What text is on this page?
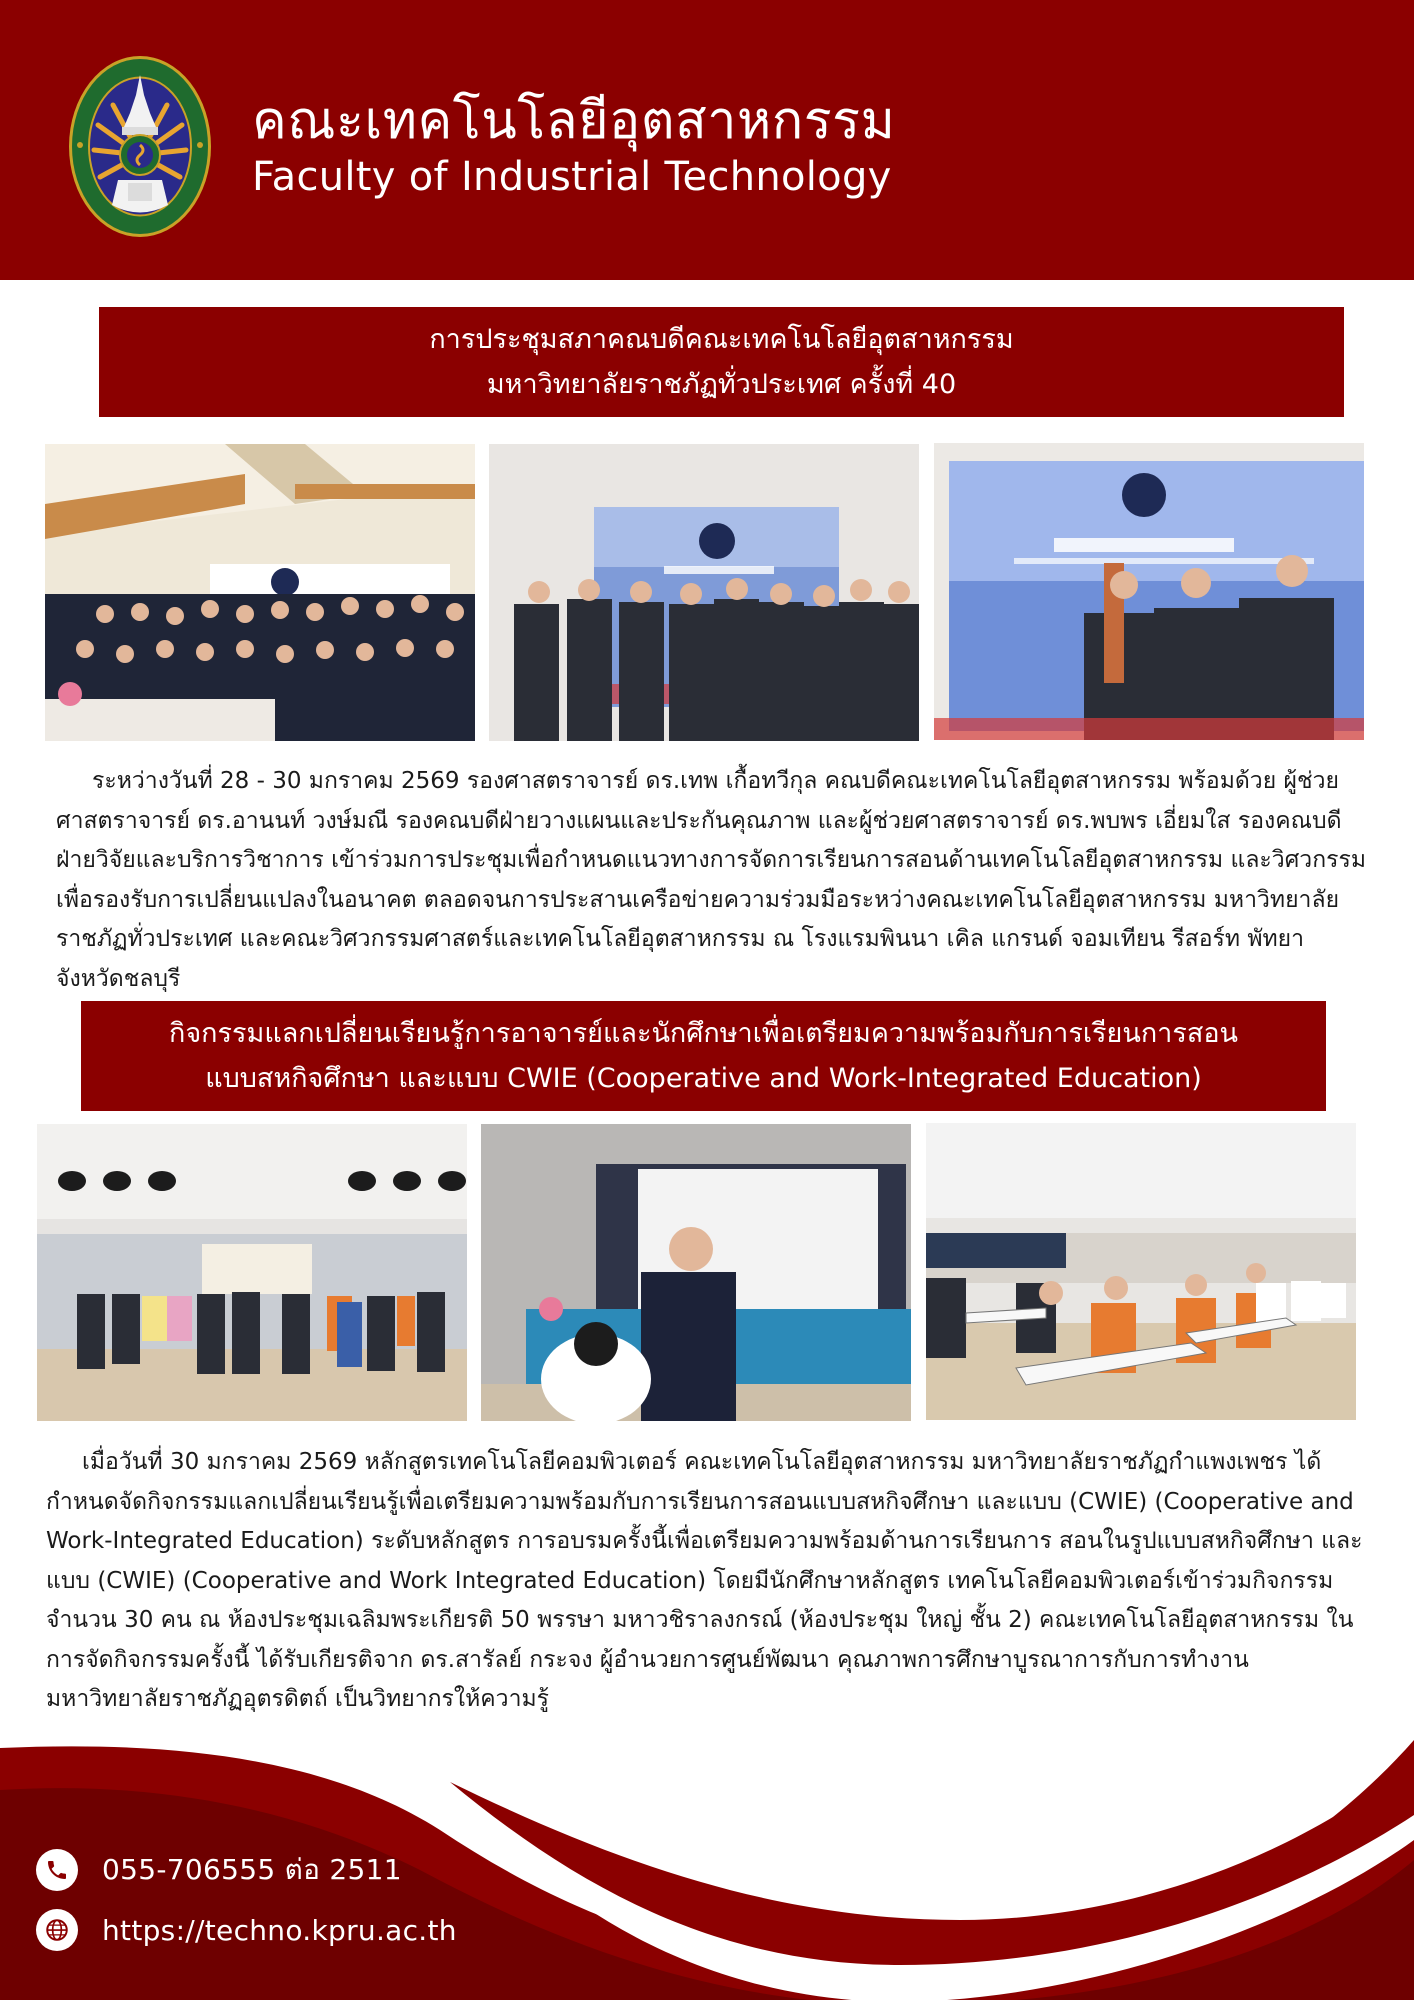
คณะเทคโนโลยีอุตสาหกรรม
Faculty of Industrial Technology
การประชุมสภาคณบดีคณะเทคโนโลยีอุตสาหกรรม
มหาวิทยาลัยราชภัฏทั่วประเทศ ครั้งที่ 40

ระหว่างวันที่ 28 - 30 มกราคม 2569 รองศาสตราจารย์ ดร.เทพ เกื้อทวีกุล คณบดีคณะเทคโนโลยีอุตสาหกรรม พร้อมด้วย ผู้ช่วยศาสตราจารย์ ดร.อานนท์ วงษ์มณี รองคณบดีฝ่ายวางแผนและประกันคุณภาพ และผู้ช่วยศาสตราจารย์ ดร.พบพร เอี่ยมใส รองคณบดีฝ่ายวิจัยและบริการวิชาการ เข้าร่วมการประชุมเพื่อกำหนดแนวทางการจัดการเรียนการสอนด้านเทคโนโลยีอุตสาหกรรม และวิศวกรรม เพื่อรองรับการเปลี่ยนแปลงในอนาคต ตลอดจนการประสานเครือข่ายความร่วมมือระหว่างคณะเทคโนโลยีอุตสาหกรรม มหาวิทยาลัยราชภัฏทั่วประเทศ และคณะวิศวกรรมศาสตร์และเทคโนโลยีอุตสาหกรรม ณ โรงแรมพินนา เคิล แกรนด์ จอมเทียน รีสอร์ท พัทยา จังหวัดชลบุรี

กิจกรรมแลกเปลี่ยนเรียนรู้การอาจารย์และนักศึกษาเพื่อเตรียมความพร้อมกับการเรียนการสอน
แบบสหกิจศึกษา และแบบ CWIE (Cooperative and Work-Integrated Education)

เมื่อวันที่ 30 มกราคม 2569 หลักสูตรเทคโนโลยีคอมพิวเตอร์ คณะเทคโนโลยีอุตสาหกรรม มหาวิทยาลัยราชภัฏกำแพงเพชร ได้กำหนดจัดกิจกรรมแลกเปลี่ยนเรียนรู้เพื่อเตรียมความพร้อมกับการเรียนการสอนแบบสหกิจศึกษา และแบบ (CWIE) (Cooperative and Work-Integrated Education) ระดับหลักสูตร การอบรมครั้งนี้เพื่อเตรียมความพร้อมด้านการเรียนการ สอนในรูปแบบสหกิจศึกษา และแบบ (CWIE) (Cooperative and Work Integrated Education) โดยมีนักศึกษาหลักสูตร เทคโนโลยีคอมพิวเตอร์เข้าร่วมกิจกรรม จำนวน 30 คน ณ ห้องประชุมเฉลิมพระเกียรติ 50 พรรษา มหาวชิราลงกรณ์ (ห้องประชุม ใหญ่ ชั้น 2) คณะเทคโนโลยีอุตสาหกรรม ในการจัดกิจกรรมครั้งนี้ ได้รับเกียรติจาก ดร.สารัลย์ กระจง ผู้อำนวยการศูนย์พัฒนา คุณภาพการศึกษาบูรณาการกับการทำงาน มหาวิทยาลัยราชภัฏอุตรดิตถ์ เป็นวิทยากรให้ความรู้

055-706555 ต่อ 2511
https://techno.kpru.ac.th
